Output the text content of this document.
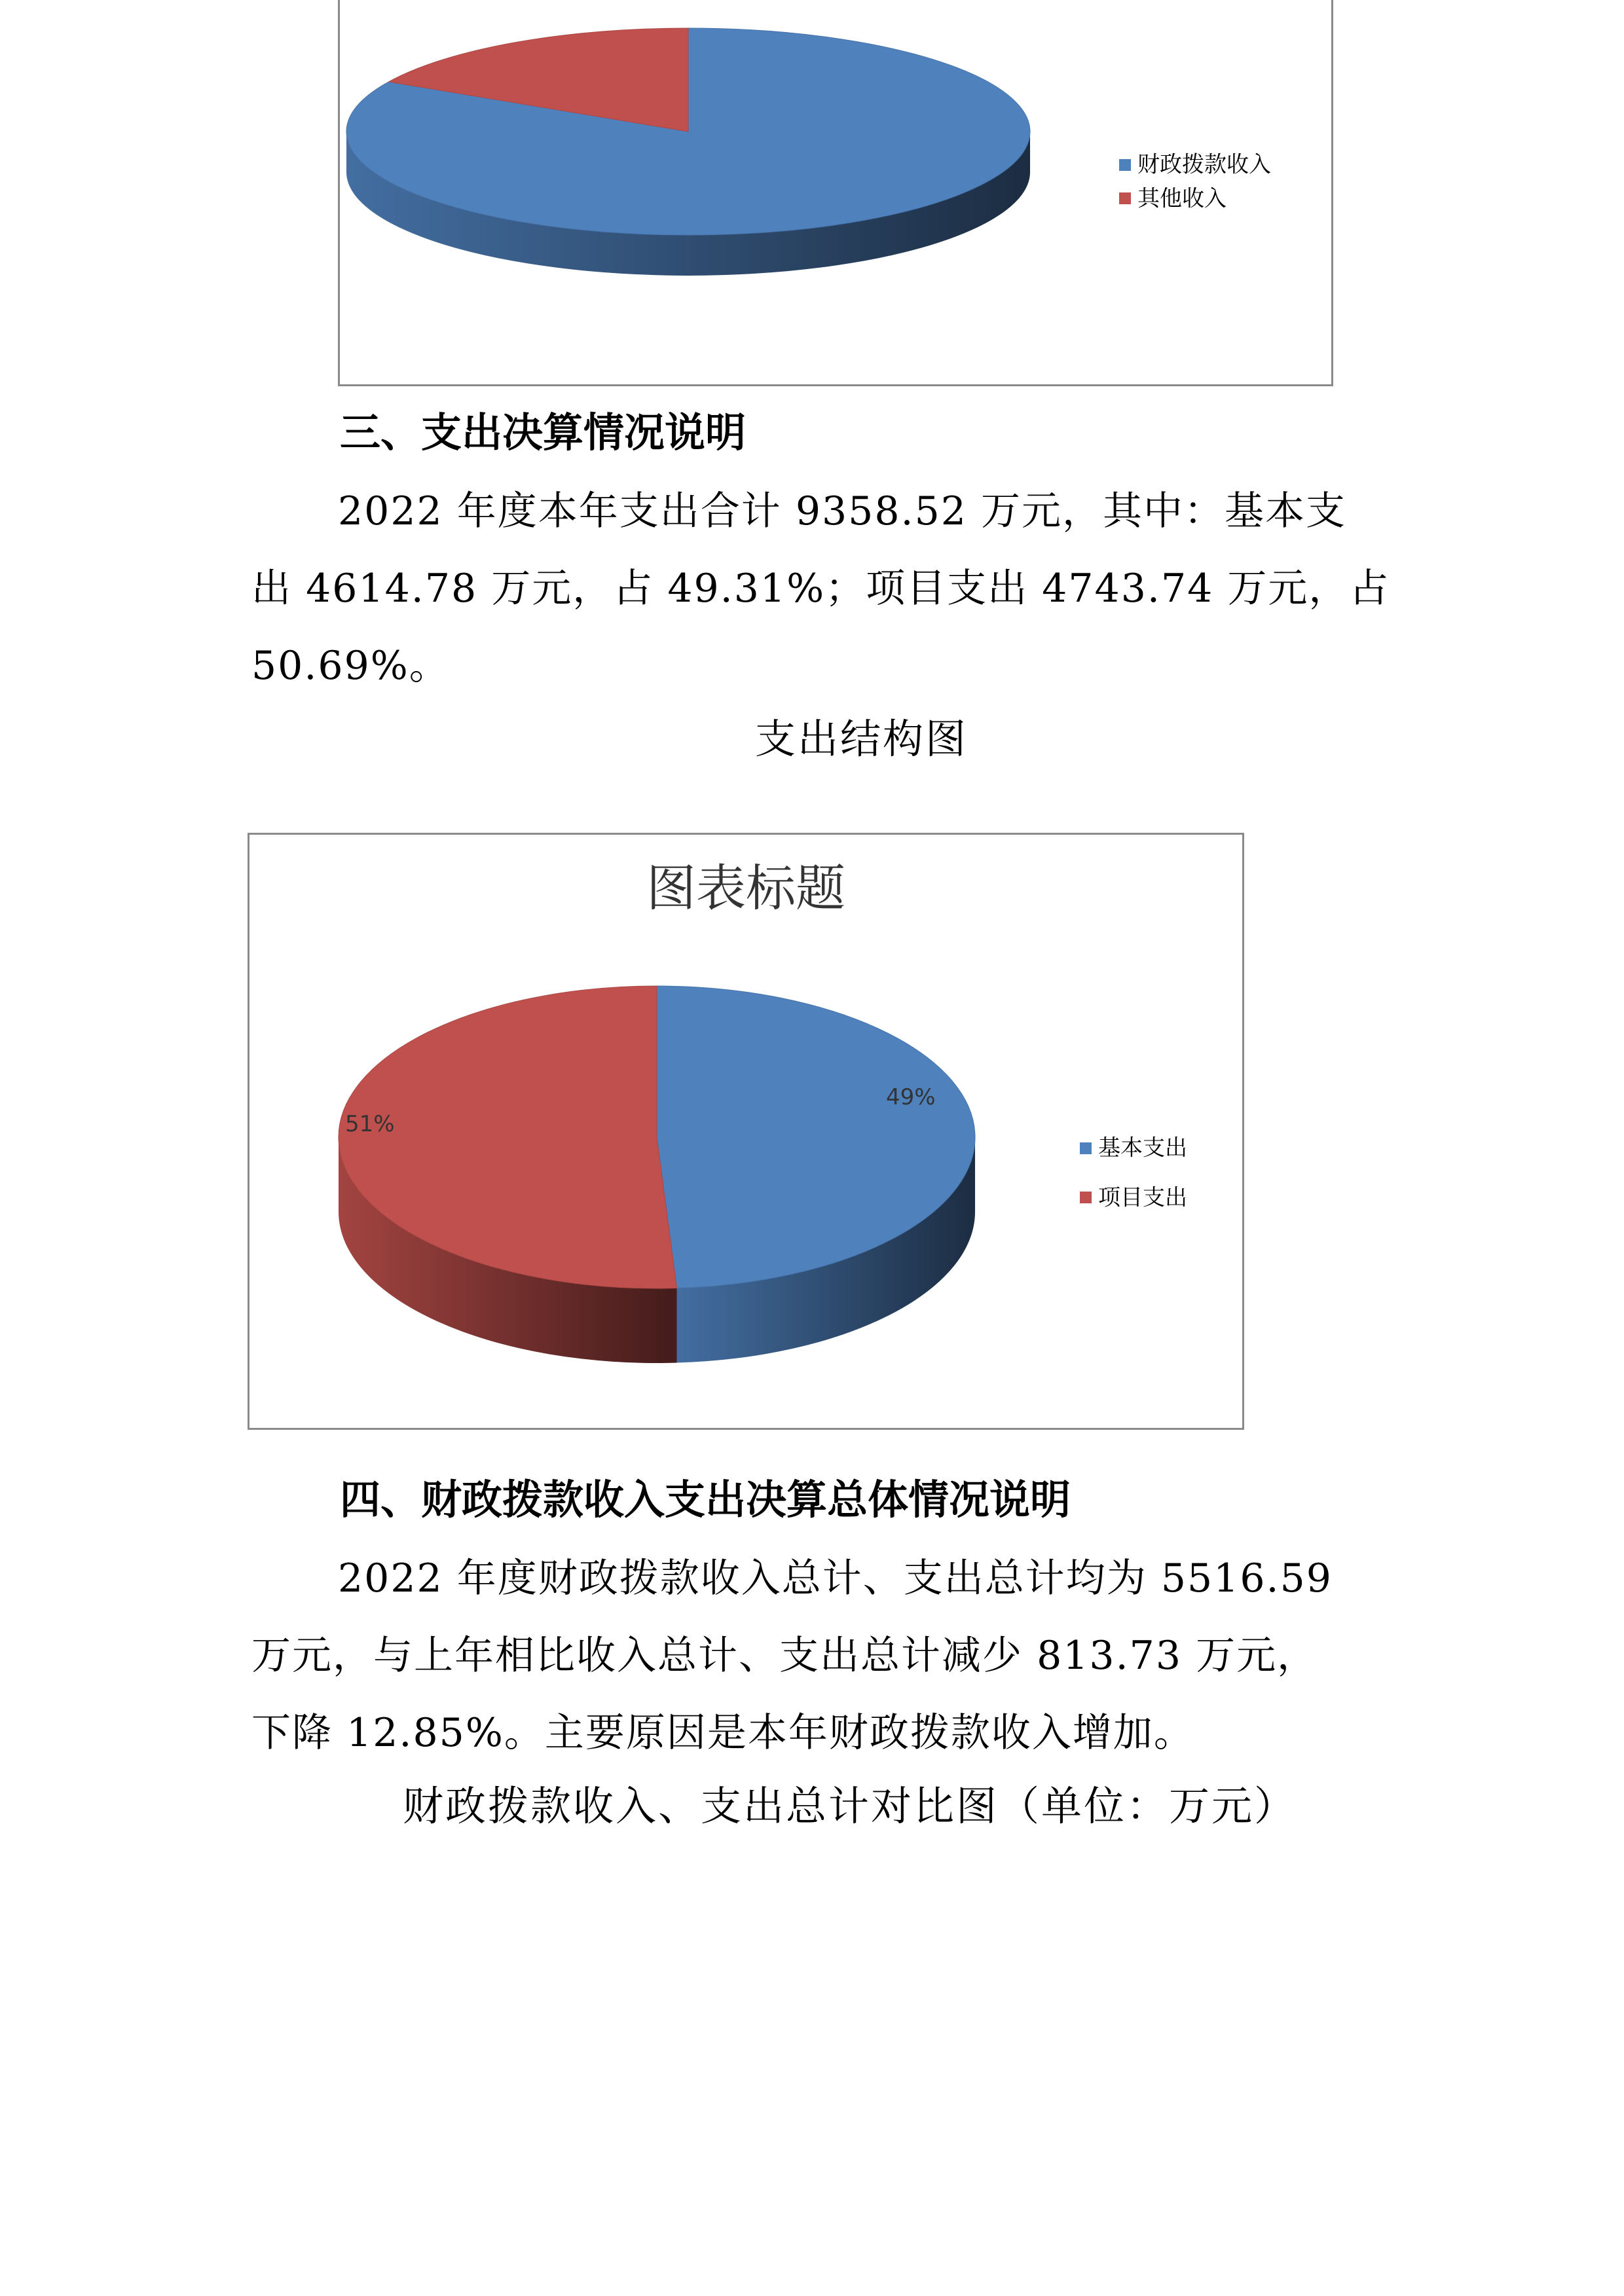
财政拨款收入
其他收入
三、支出决算情况说明
2022 年度本年支出合计 9358.52 万元，其中：基本支
出 4614.78 万元，占 49.31%；项目支出 4743.74 万元，占
50.69%。
支出结构图
图表标题
49%
51%
基本支出
项目支出
四、财政拨款收入支出决算总体情况说明
2022 年度财政拨款收入总计、支出总计均为 5516.59
万元，与上年相比收入总计、支出总计减少 813.73 万元，
下降 12.85%。主要原因是本年财政拨款收入增加。
财政拨款收入、支出总计对比图（单位：万元）
